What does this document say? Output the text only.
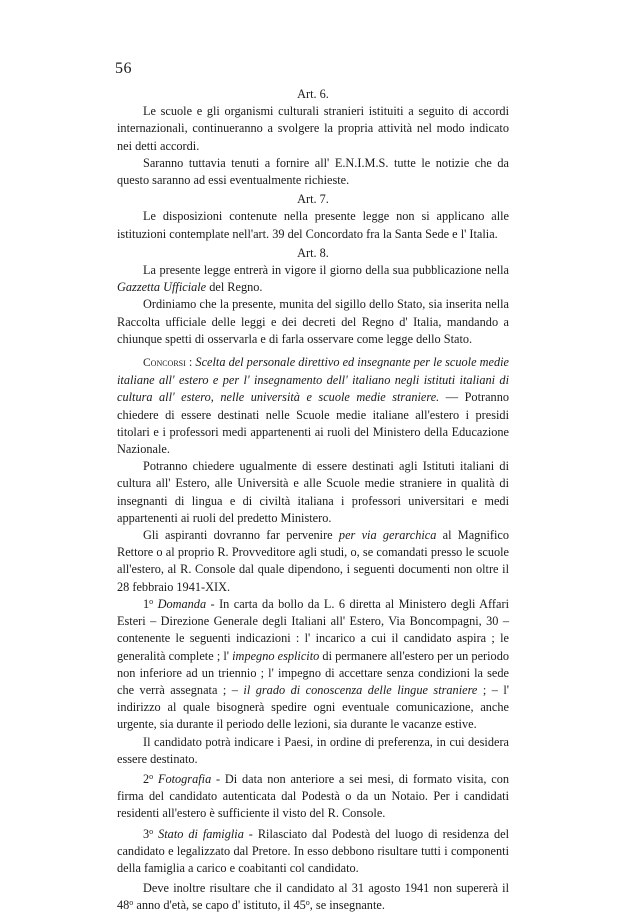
56

Art. 6.

Le scuole e gli organismi culturali stranieri istituiti a seguito di accordi internazionali, continueranno a svolgere la propria attività nel modo indicato nei detti accordi.

Saranno tuttavia tenuti a fornire all' E.N.I.M.S. tutte le notizie che da questo saranno ad essi eventualmente richieste.

Art. 7.

Le disposizioni contenute nella presente legge non si applicano alle istituzioni contemplate nell'art. 39 del Concordato fra la Santa Sede e l' Italia.

Art. 8.

La presente legge entrerà in vigore il giorno della sua pubblicazione nella Gazzetta Ufficiale del Regno.

Ordiniamo che la presente, munita del sigillo dello Stato, sia inserita nella Raccolta ufficiale delle leggi e dei decreti del Regno d' Italia, mandando a chiunque spetti di osservarla e di farla osservare come legge dello Stato.

Concorsi : Scelta del personale direttivo ed insegnante per le scuole medie italiane all' estero e per l' insegnamento dell' italiano negli istituti italiani di cultura all' estero, nelle università e scuole medie straniere. — Potranno chiedere di essere destinati nelle Scuole medie italiane all'estero i presidi titolari e i professori medi appartenenti ai ruoli del Ministero della Educazione Nazionale.

Potranno chiedere ugualmente di essere destinati agli Istituti italiani di cultura all' Estero, alle Università e alle Scuole medie straniere in qualità di insegnanti di lingua e di civiltà italiana i professori universitari e medi appartenenti ai ruoli del predetto Ministero.

Gli aspiranti dovranno far pervenire per via gerarchica al Magnifico Rettore o al proprio R. Provveditore agli studi, o, se comandati presso le scuole all'estero, al R. Console dal quale dipendono, i seguenti documenti non oltre il 28 febbraio 1941-XIX.

1$^o$ Domanda - In carta da bollo da L. 6 diretta al Ministero degli Affari Esteri – Direzione Generale degli Italiani all' Estero, Via Boncompagni, 30 – contenente le seguenti indicazioni : l' incarico a cui il candidato aspira ; le generalità complete ; l' impegno esplicito di permanere all'estero per un periodo non inferiore ad un triennio ; l' impegno di accettare senza condizioni la sede che verrà assegnata ; – il grado di conoscenza delle lingue straniere ; – l' indirizzo al quale bisognerà spedire ogni eventuale comunicazione, anche urgente, sia durante il periodo delle lezioni, sia durante le vacanze estive.

Il candidato potrà indicare i Paesi, in ordine di preferenza, in cui desidera essere destinato.

2$^o$ Fotografia - Di data non anteriore a sei mesi, di formato visita, con firma del candidato autenticata dal Podestà o da un Notaio. Per i candidati residenti all'estero è sufficiente il visto del R. Console.

3$^o$ Stato di famiglia - Rilasciato dal Podestà del luogo di residenza del candidato e legalizzato dal Pretore. In esso debbono risultare tutti i componenti della famiglia a carico e coabitanti col candidato.

Deve inoltre risultare che il candidato al 31 agosto 1941 non supererà il 48$^o$ anno d'età, se capo d' istituto, il 45$^o$, se insegnante.
